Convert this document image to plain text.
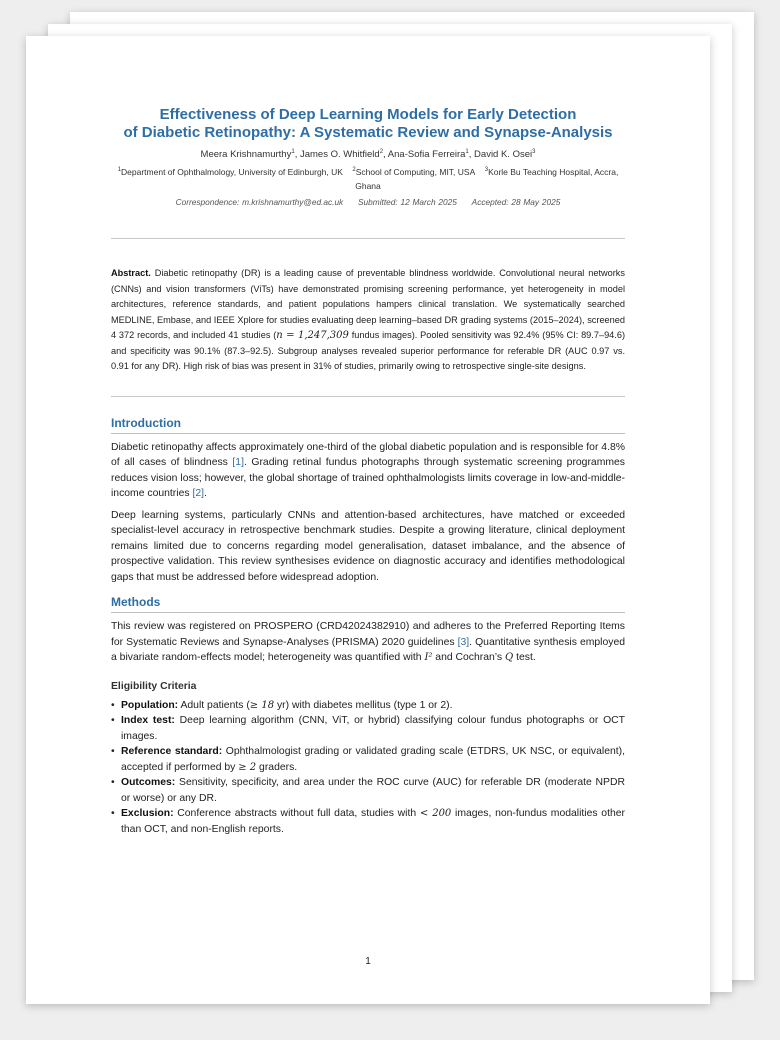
Effectiveness of Deep Learning Models for Early Detection
of Diabetic Retinopathy: A Systematic Review and Synapse-Analysis
Meera Krishnamurthy$^1$, James O. Whitfield$^2$, Ana-Sofia Ferreira$^1$, David K. Osei$^3$
$^1$Department of Ophthalmology, University of Edinburgh, UK $^2$School of Computing, MIT, USA $^3$Korle Bu Teaching Hospital, Accra, Ghana
Correspondence: m.krishnamurthy@ed.ac.uk Submitted: 12 March 2025 Accepted: 28 May 2025
Abstract. Diabetic retinopathy (DR) is a leading cause of preventable blindness worldwide. Convolutional neural networks (CNNs) and vision transformers (ViTs) have demonstrated promising screening performance, yet heterogeneity in model architectures, reference standards, and patient populations hampers clinical translation. We systematically searched MEDLINE, Embase, and IEEE Xplore for studies evaluating deep learning–based DR grading systems (2015–2024), screened 4 372 records, and included 41 studies (n = 1,247,309 fundus images). Pooled sensitivity was 92.4% (95% CI: 89.7–94.6) and specificity was 90.1% (87.3–92.5). Subgroup analyses revealed superior performance for referable DR (AUC 0.97 vs. 0.91 for any DR). High risk of bias was present in 31% of studies, primarily owing to retrospective single-site designs.
Introduction

Diabetic retinopathy affects approximately one-third of the global diabetic population and is responsible for 4.8% of all cases of blindness [1]. Grading retinal fundus photographs through systematic screening programmes reduces vision loss; however, the global shortage of trained ophthalmologists limits coverage in low-and-middle-income countries [2].

Deep learning systems, particularly CNNs and attention-based architectures, have matched or exceeded specialist-level accuracy in retrospective benchmark studies. Despite a growing literature, clinical deployment remains limited due to concerns regarding model generalisation, dataset imbalance, and the absence of prospective validation. This review synthesises evidence on diagnostic accuracy and identifies methodological gaps that must be addressed before widespread adoption.

Methods

This review was registered on PROSPERO (CRD42024382910) and adheres to the Preferred Reporting Items for Systematic Reviews and Synapse-Analyses (PRISMA) 2020 guidelines [3]. Quantitative synthesis employed a bivariate random-effects model; heterogeneity was quantified with I² and Cochran’s Q test.

Eligibility Criteria
• Population: Adult patients (≥ 18 yr) with diabetes mellitus (type 1 or 2).
• Index test: Deep learning algorithm (CNN, ViT, or hybrid) classifying colour fundus photographs or OCT images.
• Reference standard: Ophthalmologist grading or validated grading scale (ETDRS, UK NSC, or equivalent), accepted if performed by ≥ 2 graders.
• Outcomes: Sensitivity, specificity, and area under the ROC curve (AUC) for referable DR (moderate NPDR or worse) or any DR.
• Exclusion: Conference abstracts without full data, studies with < 200 images, non-fundus modalities other than OCT, and non-English reports.
1
